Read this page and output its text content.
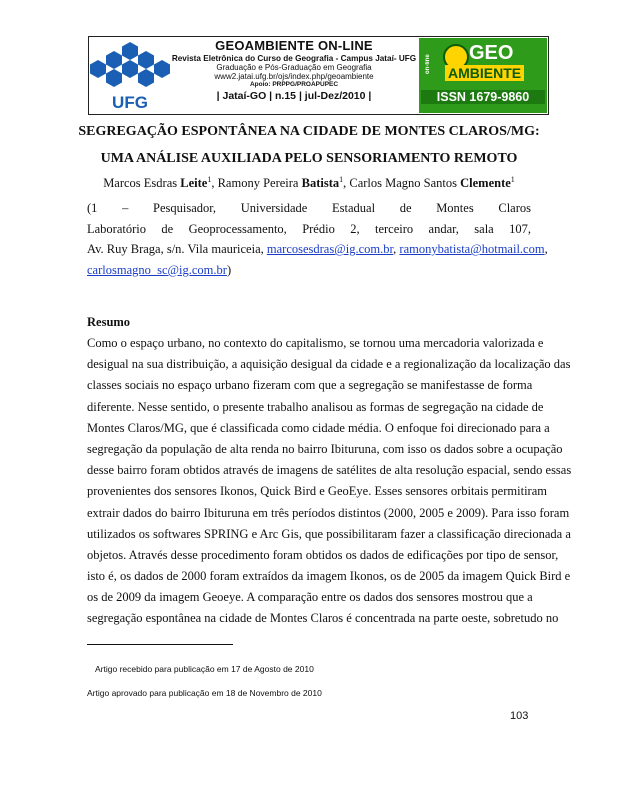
UFG
GEOAMBIENTE ON-LINE
Revista Eletrônica do Curso de Geografia - Campus Jataí- UFG
Graduação e Pós-Graduação em Geografia
www2.jatai.ufg.br/ojs/index.php/geoambiente
Apoio: PRPPG/PROAPUPEC
| Jataí-GO | n.15 | jul-Dez/2010 |
on-line
GEO
AMBIENTE
ISSN 1679-9860
SEGREGAÇÃO ESPONTÂNEA NA CIDADE DE MONTES CLAROS/MG:
UMA ANÁLISE AUXILIADA PELO SENSORIAMENTO REMOTO
Marcos Esdras Leite$^1$, Ramony Pereira Batista$^1$, Carlos Magno Santos Clemente$^1$
(1 – Pesquisador, Universidade Estadual de Montes Claros
Laboratório de Geoprocessamento, Prédio 2, terceiro andar, sala 107,
Av. Ruy Braga, s/n. Vila mauriceia, marcosesdras@ig.com.br, ramonybatista@hotmail.com,
carlosmagno_sc@ig.com.br)
Resumo
Como o espaço urbano, no contexto do capitalismo, se tornou uma mercadoria valorizada e
desigual na sua distribuição, a aquisição desigual da cidade e a regionalização da localização das
classes sociais no espaço urbano fizeram com que a segregação se manifestasse de forma
diferente. Nesse sentido, o presente trabalho analisou as formas de segregação na cidade de
Montes Claros/MG, que é classificada como cidade média. O enfoque foi direcionado para a
segregação da população de alta renda no bairro Ibituruna, com isso os dados sobre a ocupação
desse bairro foram obtidos através de imagens de satélites de alta resolução espacial, sendo essas
provenientes dos sensores Ikonos, Quick Bird e GeoEye. Esses sensores orbitais permitiram
extrair dados do bairro Ibituruna em três períodos distintos (2000, 2005 e 2009). Para isso foram
utilizados os softwares SPRING e Arc Gis, que possibilitaram fazer a classificação direcionada a
objetos. Através desse procedimento foram obtidos os dados de edificações por tipo de sensor,
isto é, os dados de 2000 foram extraídos da imagem Ikonos, os de 2005 da imagem Quick Bird e
os de 2009 da imagem Geoeye. A comparação entre os dados dos sensores mostrou que a
segregação espontânea na cidade de Montes Claros é concentrada na parte oeste, sobretudo no
Artigo recebido para publicação em 17 de Agosto de 2010
Artigo aprovado para publicação em 18 de Novembro de 2010
103
